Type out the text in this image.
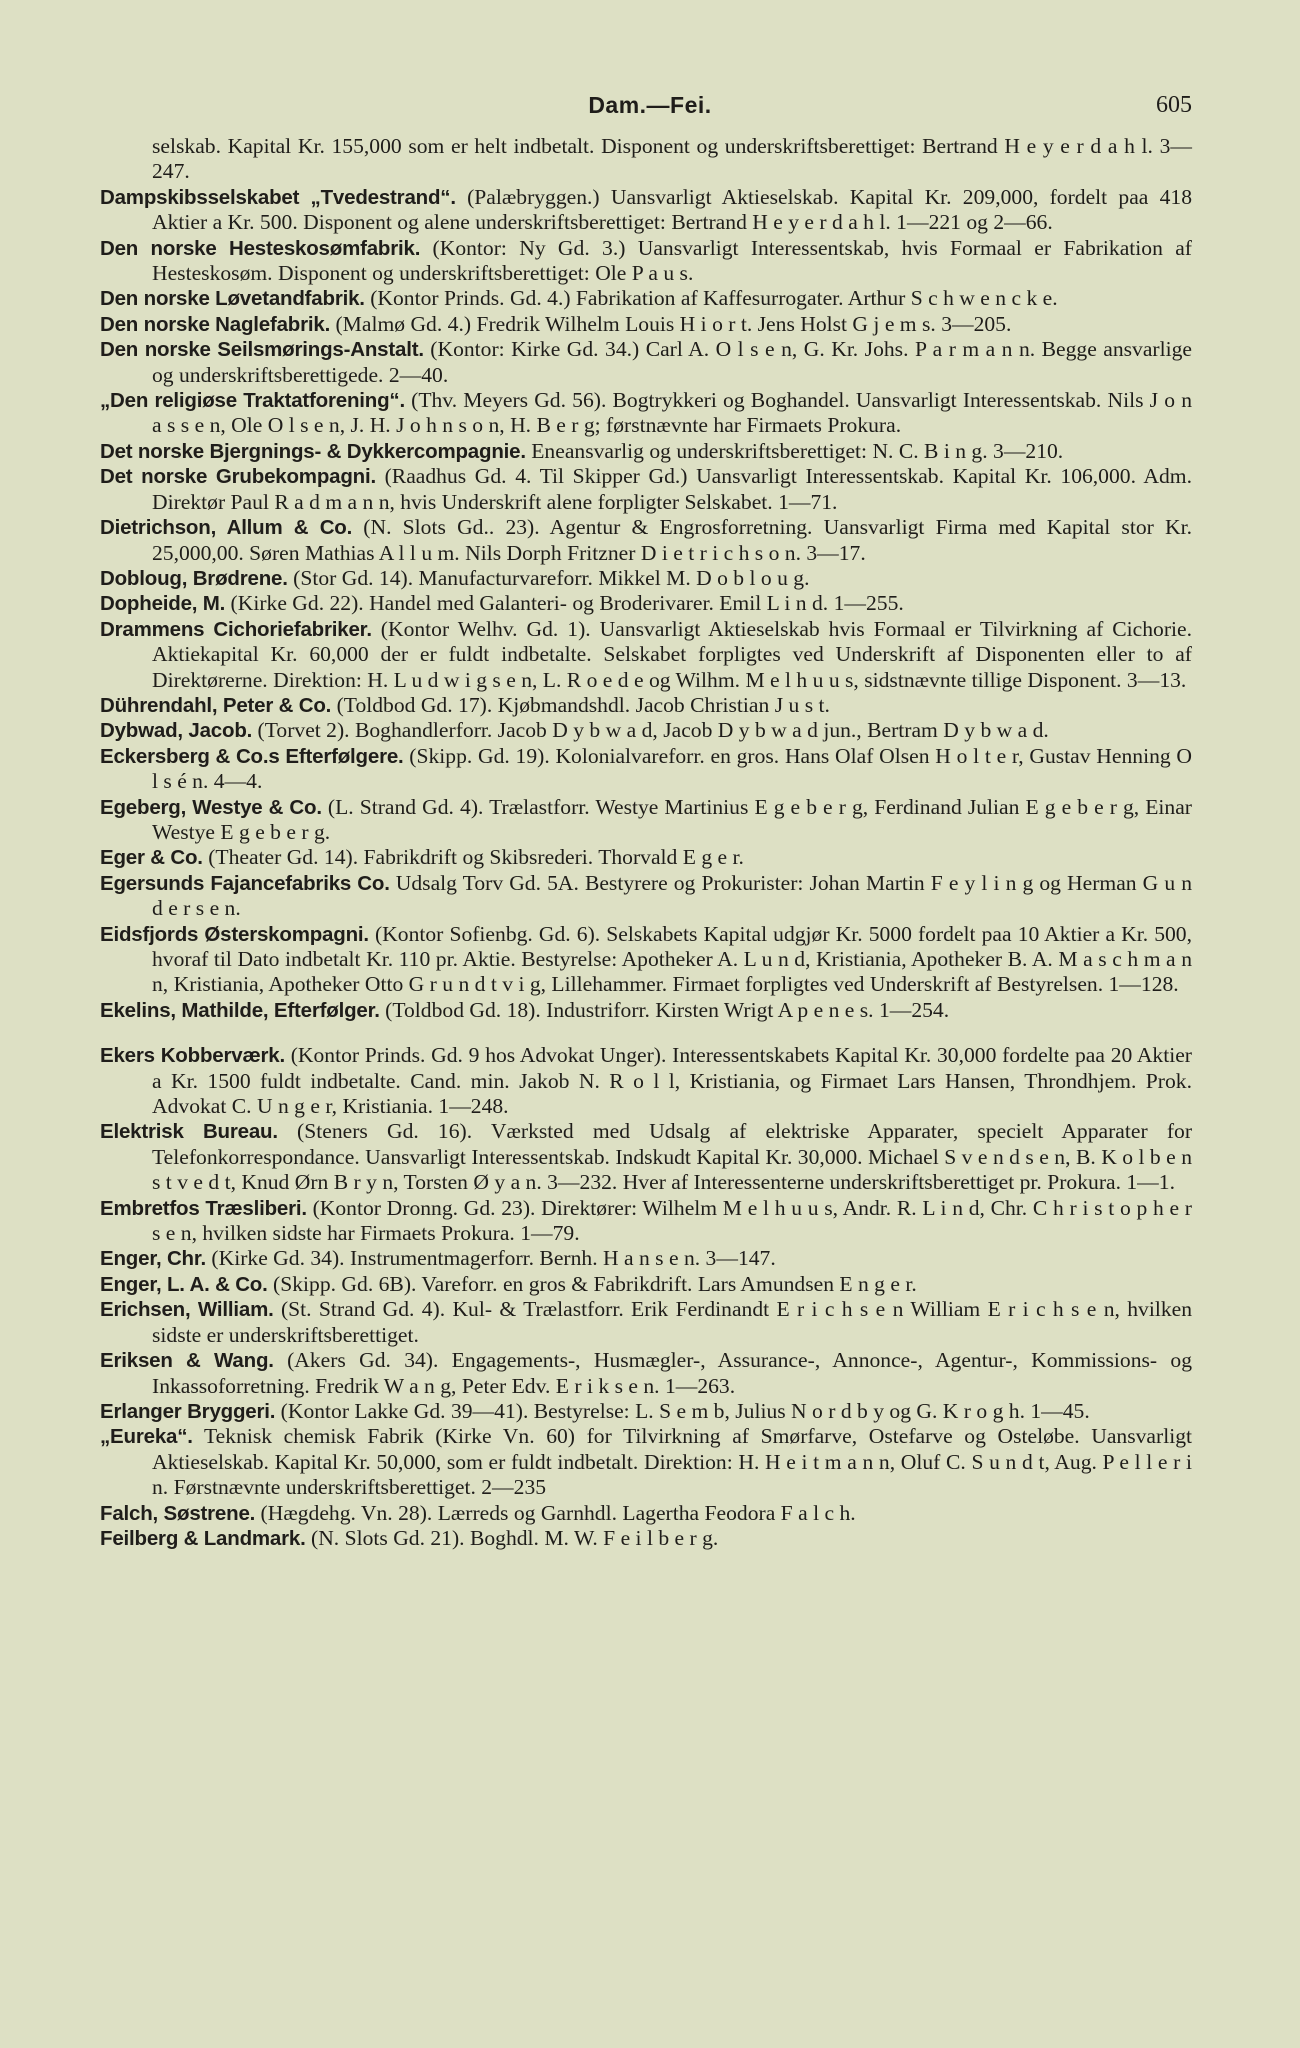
Dam.—Fei.	605

selskab. Kapital Kr. 155,000 som er helt indbetalt. Disponent og underskriftsberettiget: Bertrand H e y e r d a h l. 3—247.

Dampskibsselskabet „Tvedestrand“. (Palæbryggen.) Uansvarligt Aktieselskab. Kapital Kr. 209,000, fordelt paa 418 Aktier a Kr. 500. Disponent og alene underskriftsberettiget: Bertrand H e y e r d a h l. 1—221 og 2—66.

Den norske Hesteskosømfabrik. (Kontor: Ny Gd. 3.) Uansvarligt Interessentskab, hvis Formaal er Fabrikation af Hesteskosøm. Disponent og underskriftsberettiget: Ole P a u s.

Den norske Løvetandfabrik. (Kontor Prinds. Gd. 4.) Fabrikation af Kaffesurrogater. Arthur S c h w e n c k e.

Den norske Naglefabrik. (Malmø Gd. 4.) Fredrik Wilhelm Louis H i o r t. Jens Holst G j e m s. 3—205.

Den norske Seilsmørings-Anstalt. (Kontor: Kirke Gd. 34.) Carl A. O l s e n, G. Kr. Johs. P a r m a n n. Begge ansvarlige og underskriftsberettigede. 2—40.

„Den religiøse Traktatforening“. (Thv. Meyers Gd. 56). Bogtrykkeri og Boghandel. Uansvarligt Interessentskab. Nils J o n a s s e n, Ole O l s e n, J. H. J o h n s o n, H. B e r g; førstnævnte har Firmaets Prokura.

Det norske Bjergnings- & Dykkercompagnie. Eneansvarlig og underskriftsberettiget: N. C. B i n g. 3—210.

Det norske Grubekompagni. (Raadhus Gd. 4. Til Skipper Gd.) Uansvarligt Interessentskab. Kapital Kr. 106,000. Adm. Direktør Paul R a d m a n n, hvis Underskrift alene forpligter Selskabet. 1—71.

Dietrichson, Allum & Co. (N. Slots Gd.. 23). Agentur & Engrosforretning. Uansvarligt Firma med Kapital stor Kr. 25,000,00. Søren Mathias A l l u m. Nils Dorph Fritzner D i e t r i c h s o n. 3—17.

Dobloug, Brødrene. (Stor Gd. 14). Manufacturvareforr. Mikkel M. D o b l o u g.

Dopheide, M. (Kirke Gd. 22). Handel med Galanteri- og Broderivarer. Emil L i n d. 1—255.

Drammens Cichoriefabriker. (Kontor Welhv. Gd. 1). Uansvarligt Aktieselskab hvis Formaal er Tilvirkning af Cichorie. Aktiekapital Kr. 60,000 der er fuldt indbetalte. Selskabet forpligtes ved Underskrift af Disponenten eller to af Direktørerne. Direktion: H. L u d w i g s e n, L. R o e d e og Wilhm. M e l h u u s, sidstnævnte tillige Disponent. 3—13.

Dührendahl, Peter & Co. (Toldbod Gd. 17). Kjøbmandshdl. Jacob Christian J u s t.

Dybwad, Jacob. (Torvet 2). Boghandlerforr. Jacob D y b w a d, Jacob D y b w a d jun., Bertram D y b w a d.

Eckersberg & Co.s Efterfølgere. (Skipp. Gd. 19). Kolonialvareforr. en gros. Hans Olaf Olsen H o l t e r, Gustav Henning O l s é n. 4—4.

Egeberg, Westye & Co. (L. Strand Gd. 4). Trælastforr. Westye Martinius E g e b e r g, Ferdinand Julian E g e b e r g, Einar Westye E g e b e r g.

Eger & Co. (Theater Gd. 14). Fabrikdrift og Skibsrederi. Thorvald E g e r.

Egersunds Fajancefabriks Co. Udsalg Torv Gd. 5A. Bestyrere og Prokurister: Johan Martin F e y l i n g og Herman G u n d e r s e n.

Eidsfjords Østerskompagni. (Kontor Sofienbg. Gd. 6). Selskabets Kapital udgjør Kr. 5000 fordelt paa 10 Aktier a Kr. 500, hvoraf til Dato indbetalt Kr. 110 pr. Aktie. Bestyrelse: Apotheker A. L u n d, Kristiania, Apotheker B. A. M a s c h m a n n, Kristiania, Apotheker Otto G r u n d t v i g, Lillehammer. Firmaet forpligtes ved Underskrift af Bestyrelsen. 1—128.

Ekelins, Mathilde, Efterfølger. (Toldbod Gd. 18). Industriforr. Kirsten Wrigt A p e n e s. 1—254.

Ekers Kobberværk. (Kontor Prinds. Gd. 9 hos Advokat Unger). Interessentskabets Kapital Kr. 30,000 fordelte paa 20 Aktier a Kr. 1500 fuldt indbetalte. Cand. min. Jakob N. R o l l, Kristiania, og Firmaet Lars Hansen, Throndhjem. Prok. Advokat C. U n g e r, Kristiania. 1—248.

Elektrisk Bureau. (Steners Gd. 16). Værksted med Udsalg af elektriske Apparater, specielt Apparater for Telefonkorrespondance. Uansvarligt Interessentskab. Indskudt Kapital Kr. 30,000. Michael S v e n d s e n, B. K o l b e n s t v e d t, Knud Ørn B r y n, Torsten Ø y a n. 3—232. Hver af Interessenterne underskriftsberettiget pr. Prokura. 1—1.

Embretfos Træsliberi. (Kontor Dronng. Gd. 23). Direktører: Wilhelm M e l h u u s, Andr. R. L i n d, Chr. C h r i s t o p h e r s e n, hvilken sidste har Firmaets Prokura. 1—79.

Enger, Chr. (Kirke Gd. 34). Instrumentmagerforr. Bernh. H a n s e n. 3—147.

Enger, L. A. & Co. (Skipp. Gd. 6B). Vareforr. en gros & Fabrikdrift. Lars Amundsen E n g e r.

Erichsen, William. (St. Strand Gd. 4). Kul- & Trælastforr. Erik Ferdinandt E r i c h s e n William E r i c h s e n, hvilken sidste er underskriftsberettiget.

Eriksen & Wang. (Akers Gd. 34). Engagements-, Husmægler-, Assurance-, Annonce-, Agentur-, Kommissions- og Inkassoforretning. Fredrik W a n g, Peter Edv. E r i k s e n. 1—263.

Erlanger Bryggeri. (Kontor Lakke Gd. 39—41). Bestyrelse: L. S e m b, Julius N o r d b y og G. K r o g h. 1—45.

„Eureka“. Teknisk chemisk Fabrik (Kirke Vn. 60) for Tilvirkning af Smørfarve, Ostefarve og Osteløbe. Uansvarligt Aktieselskab. Kapital Kr. 50,000, som er fuldt indbetalt. Direktion: H. H e i t m a n n, Oluf C. S u n d t, Aug. P e l l e r i n. Førstnævnte underskriftsberettiget. 2—235

Falch, Søstrene. (Hægdehg. Vn. 28). Lærreds og Garnhdl. Lagertha Feodora F a l c h.

Feilberg & Landmark. (N. Slots Gd. 21). Boghdl. M. W. F e i l b e r g.
